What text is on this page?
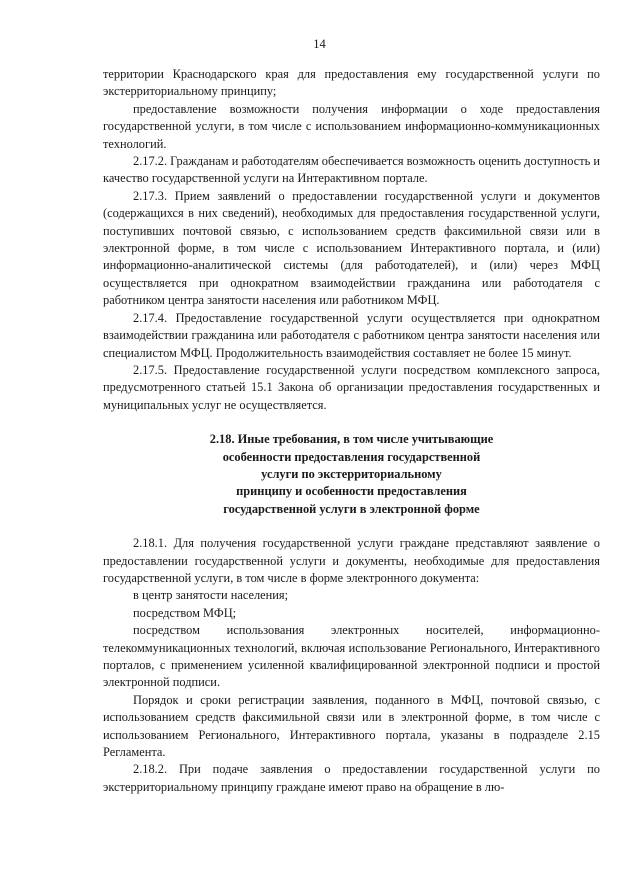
14

территории Краснодарского края для предоставления ему государственной услуги по экстерриториальному принципу;

предоставление возможности получения информации о ходе предоставления государственной услуги, в том числе с использованием информационно-коммуникационных технологий.

2.17.2. Гражданам и работодателям обеспечивается возможность оценить доступность и качество государственной услуги на Интерактивном портале.

2.17.3. Прием заявлений о предоставлении государственной услуги и документов (содержащихся в них сведений), необходимых для предоставления государственной услуги, поступивших почтовой связью, с использованием средств факсимильной связи или в электронной форме, в том числе с использованием Интерактивного портала, и (или) информационно-аналитической системы (для работодателей), и (или) через МФЦ осуществляется при однократном взаимодействии гражданина или работодателя с работником центра занятости населения или работником МФЦ.

2.17.4. Предоставление государственной услуги осуществляется при однократном взаимодействии гражданина или работодателя с работником центра занятости населения или специалистом МФЦ. Продолжительность взаимодействия составляет не более 15 минут.

2.17.5. Предоставление государственной услуги посредством комплексного запроса, предусмотренного статьей 15.1 Закона об организации предоставления государственных и муниципальных услуг не осуществляется.

2.18. Иные требования, в том числе учитывающие
особенности предоставления государственной
услуги по экстерриториальному
принципу и особенности предоставления
государственной услуги в электронной форме

2.18.1. Для получения государственной услуги граждане представляют заявление о предоставлении государственной услуги и документы, необходимые для предоставления государственной услуги, в том числе в форме электронного документа:

в центр занятости населения;

посредством МФЦ;

посредством использования электронных носителей, информационно-телекоммуникационных технологий, включая использование Регионального, Интерактивного порталов, с применением усиленной квалифицированной электронной подписи и простой электронной подписи.

Порядок и сроки регистрации заявления, поданного в МФЦ, почтовой связью, с использованием средств факсимильной связи или в электронной форме, в том числе с использованием Регионального, Интерактивного портала, указаны в подразделе 2.15 Регламента.

2.18.2. При подаче заявления о предоставлении государственной услуги по экстерриториальному принципу граждане имеют право на обращение в лю-
